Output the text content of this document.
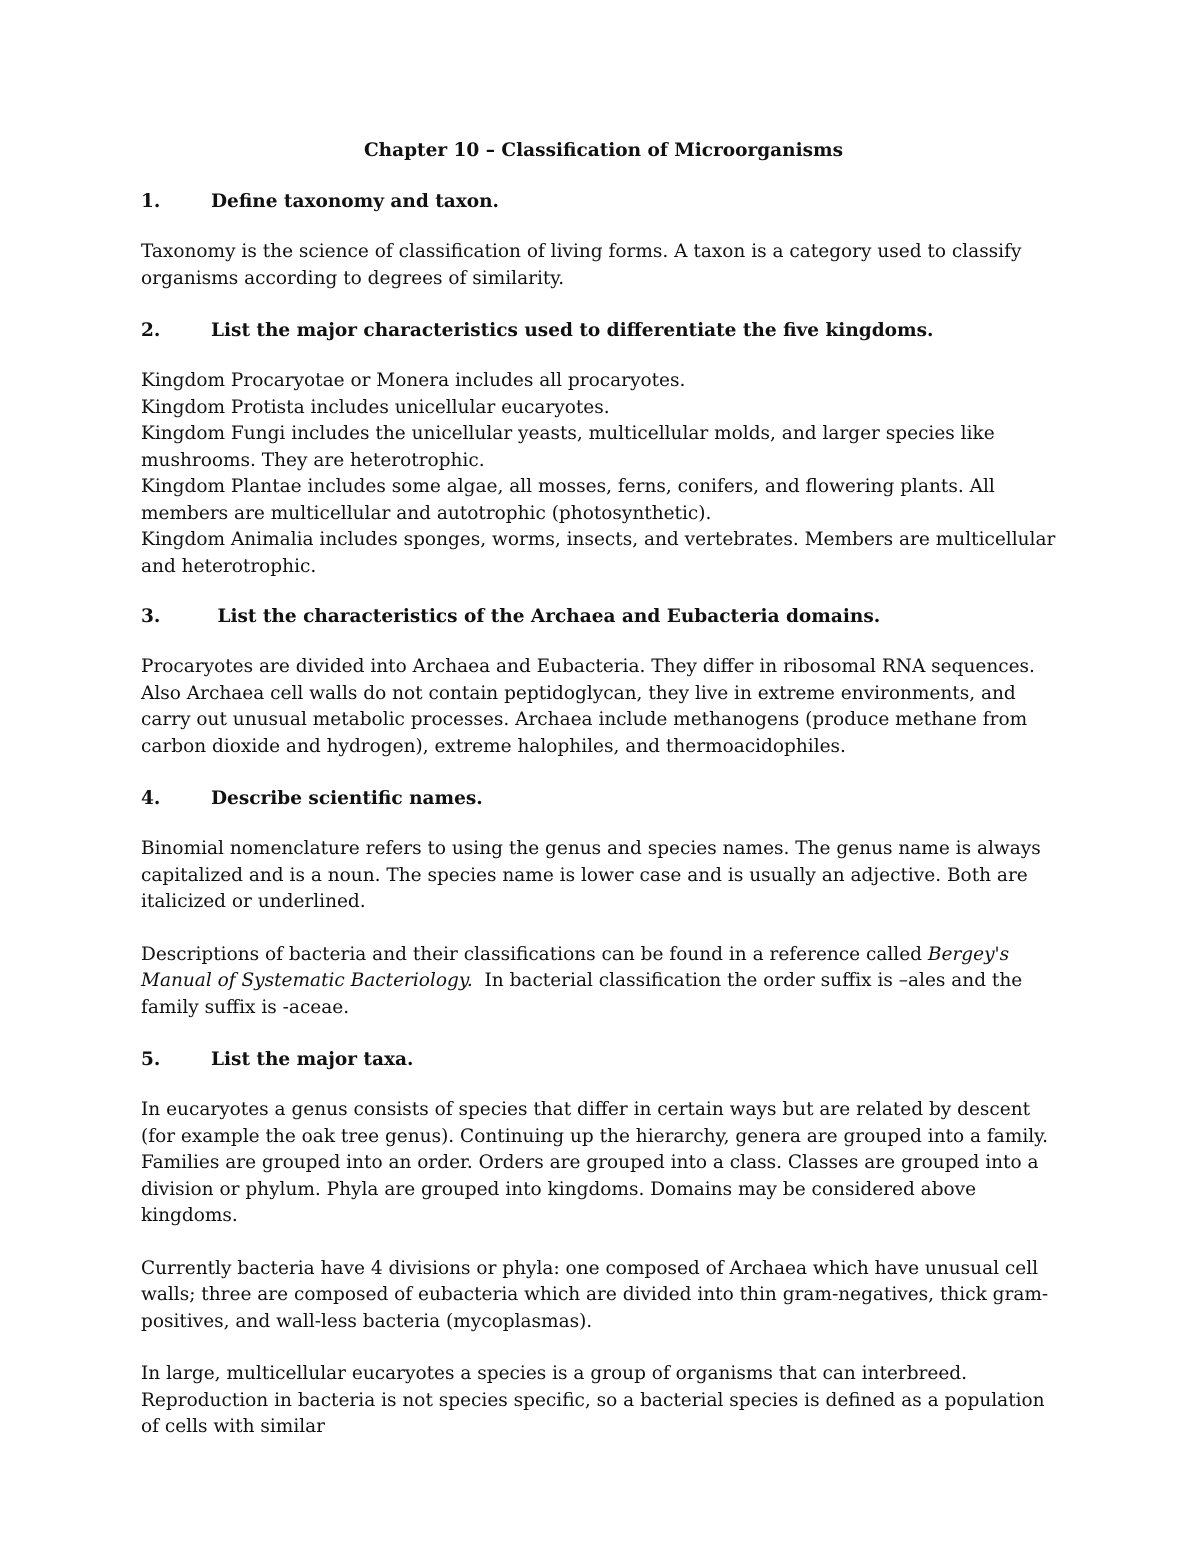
Chapter 10 – Classification of Microorganisms
1.	Define taxonomy and taxon.

Taxonomy is the science of classification of living forms. A taxon is a category used to classify organisms according to degrees of similarity.

2.	List the major characteristics used to differentiate the five kingdoms.
Kingdom Procaryotae or Monera includes all procaryotes.
Kingdom Protista includes unicellular eucaryotes.
Kingdom Fungi includes the unicellular yeasts, multicellular molds, and larger species like mushrooms. They are heterotrophic.
Kingdom Plantae includes some algae, all mosses, ferns, conifers, and flowering plants. All members are multicellular and autotrophic (photosynthetic).
Kingdom Animalia includes sponges, worms, insects, and vertebrates. Members are multicellular and heterotrophic.
3.	List the characteristics of the Archaea and Eubacteria domains.

Procaryotes are divided into Archaea and Eubacteria. They differ in ribosomal RNA sequences. Also Archaea cell walls do not contain peptidoglycan, they live in extreme environments, and carry out unusual metabolic processes. Archaea include methanogens (produce methane from carbon dioxide and hydrogen), extreme halophiles, and thermoacidophiles.

4.	Describe scientific names.

Binomial nomenclature refers to using the genus and species names. The genus name is always capitalized and is a noun. The species name is lower case and is usually an adjective. Both are italicized or underlined.

Descriptions of bacteria and their classifications can be found in a reference called Bergey's Manual of Systematic Bacteriology.  In bacterial classification the order suffix is –ales and the family suffix is -aceae.

5.	List the major taxa.

In eucaryotes a genus consists of species that differ in certain ways but are related by descent (for example the oak tree genus). Continuing up the hierarchy, genera are grouped into a family. Families are grouped into an order. Orders are grouped into a class. Classes are grouped into a division or phylum. Phyla are grouped into kingdoms. Domains may be considered above kingdoms.

Currently bacteria have 4 divisions or phyla: one composed of Archaea which have unusual cell walls; three are composed of eubacteria which are divided into thin gram-negatives, thick gram-positives, and wall-less bacteria (mycoplasmas).

In large, multicellular eucaryotes a species is a group of organisms that can interbreed. Reproduction in bacteria is not species specific, so a bacterial species is defined as a population of cells with similar
